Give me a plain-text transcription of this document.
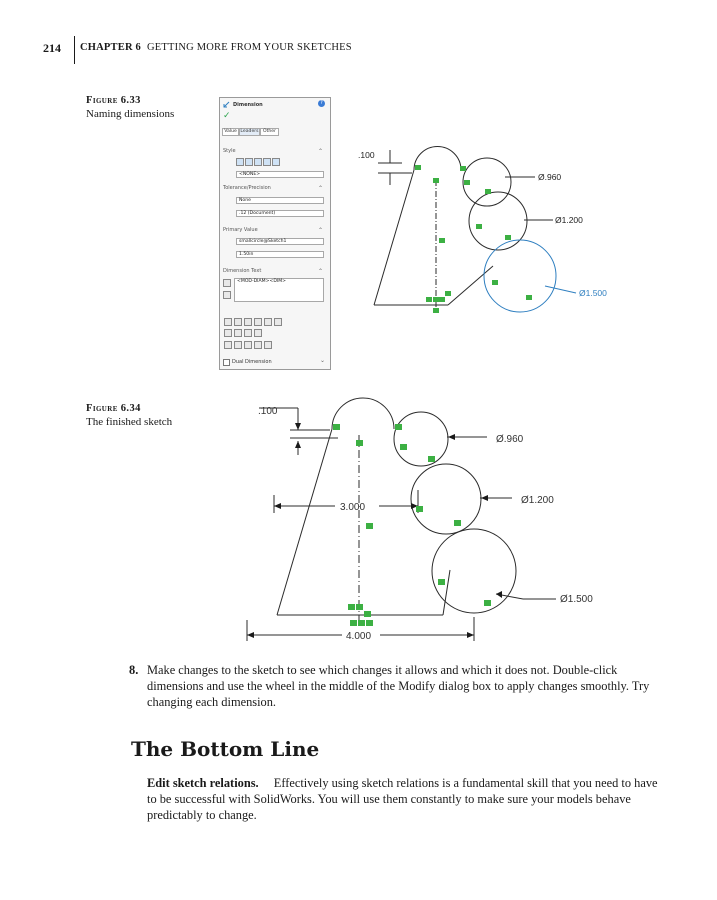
214 CHAPTER 6 GETTING MORE FROM YOUR SKETCHES
Figure 6.33
Naming dimensions
Dimension	?
✓
Value Leaders Other
Style	⌃
<NONE>
Tolerance/Precision	⌃
None
.12 (Document)
Primary Value	⌃
smallcircle@Sketch1
1.50in
Dimension Text	⌃
<MOD-DIAM><DIM>
Dual Dimension	⌄
.100
Ø.960
Ø1.200
Ø1.500
Figure 6.34
The finished sketch
.100
Ø.960
Ø1.200
Ø1.500
3.000
4.000
8. Make changes to the sketch to see which changes it allows and which it does not. Double-click dimensions and use the wheel in the middle of the Modify dialog box to apply changes smoothly. Try changing each dimension.
The Bottom Line
Edit sketch relations. Effectively using sketch relations is a fundamental skill that you need to have to be successful with SolidWorks. You will use them constantly to make sure your models behave predictably to change.
